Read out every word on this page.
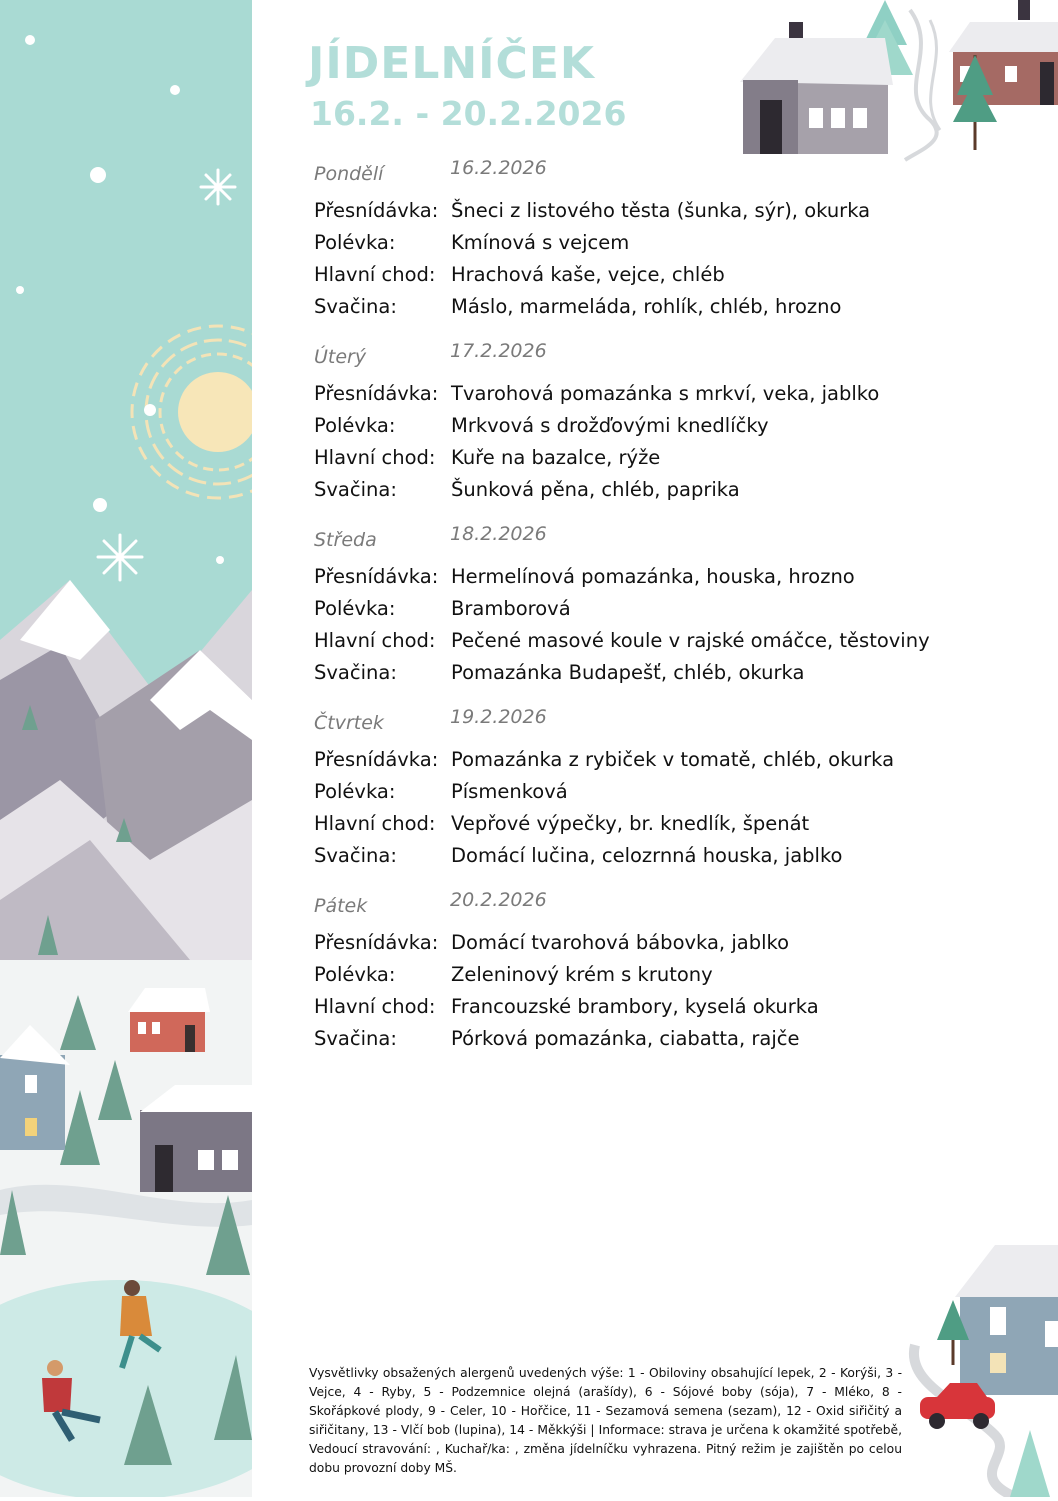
JÍDELNÍČEK
16.2. - 20.2.2026
Pondělí	16.2.2026
Přesnídávka: Šneci z listového těsta (šunka, sýr), okurka
Polévka:	Kmínová s vejcem
Hlavní chod: Hrachová kaše, vejce, chléb
Svačina:	Máslo, marmeláda, rohlík, chléb, hrozno
Úterý	17.2.2026
Přesnídávka: Tvarohová pomazánka s mrkví, veka, jablko
Polévka:	Mrkvová s drožďovými knedlíčky
Hlavní chod: Kuře na bazalce, rýže
Svačina:	Šunková pěna, chléb, paprika
Středa	18.2.2026
Přesnídávka: Hermelínová pomazánka, houska, hrozno
Polévka:	Bramborová
Hlavní chod: Pečené masové koule v rajské omáčce, těstoviny
Svačina:	Pomazánka Budapešť, chléb, okurka
Čtvrtek	19.2.2026
Přesnídávka: Pomazánka z rybiček v tomatě, chléb, okurka
Polévka:	Písmenková
Hlavní chod: Vepřové výpečky, br. knedlík, špenát
Svačina:	Domácí lučina, celozrnná houska, jablko
Pátek	20.2.2026
Přesnídávka: Domácí tvarohová bábovka, jablko
Polévka:	Zeleninový krém s krutony
Hlavní chod: Francouzské brambory, kyselá okurka
Svačina:	Pórková pomazánka, ciabatta, rajče

Vysvětlivky obsažených alergenů uvedených výše: 1 - Obiloviny obsahující lepek, 2 - Korýši, 3 - Vejce, 4 - Ryby, 5 - Podzemnice olejná (arašídy), 6 - Sójové boby (sója), 7 - Mléko, 8 - Skořápkové plody, 9 - Celer, 10 - Hořčice, 11 - Sezamová semena (sezam), 12 - Oxid siřičitý a siřičitany, 13 - Vlčí bob (lupina), 14 - Měkkýši | Informace: strava je určena k okamžité spotřebě, Vedoucí stravování: , Kuchař/ka: , změna jídelníčku vyhrazena. Pitný režim je zajištěn po celou dobu provozní doby MŠ.
